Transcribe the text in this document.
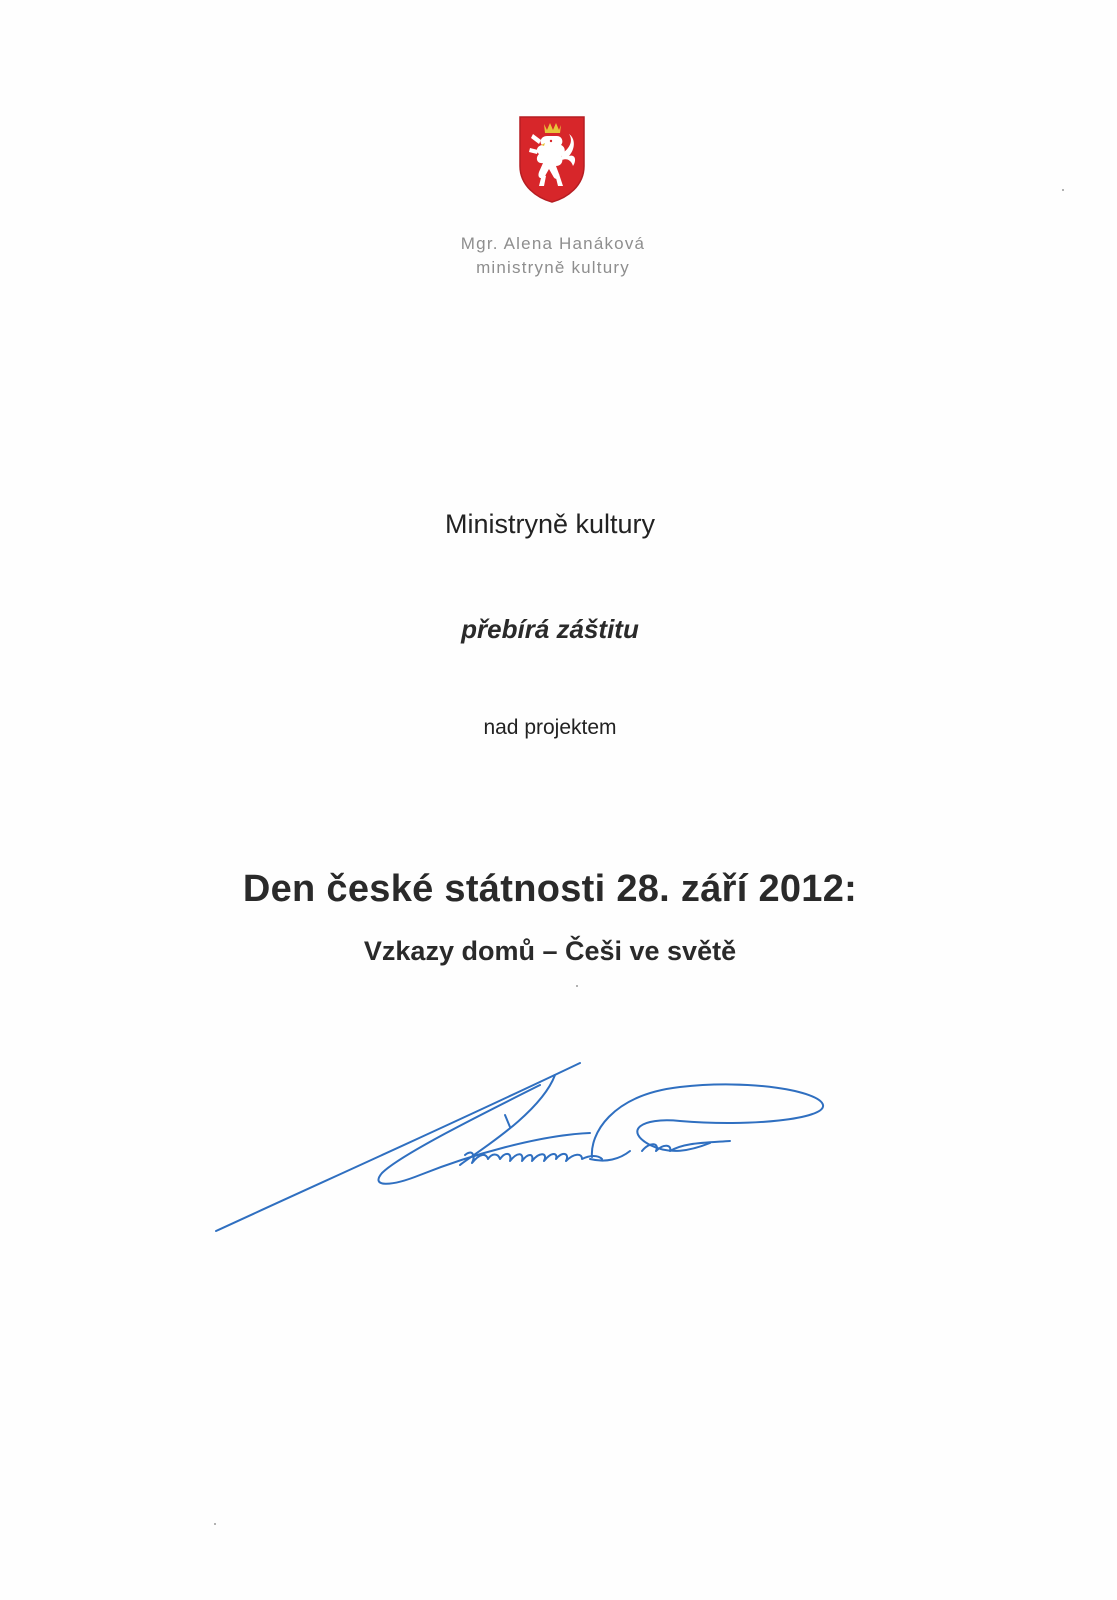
Mgr. Alena Hanáková
ministryně kultury
Ministryně kultury
přebírá záštitu
nad projektem
Den české státnosti 28. září 2012:
Vzkazy domů – Češi ve světě
